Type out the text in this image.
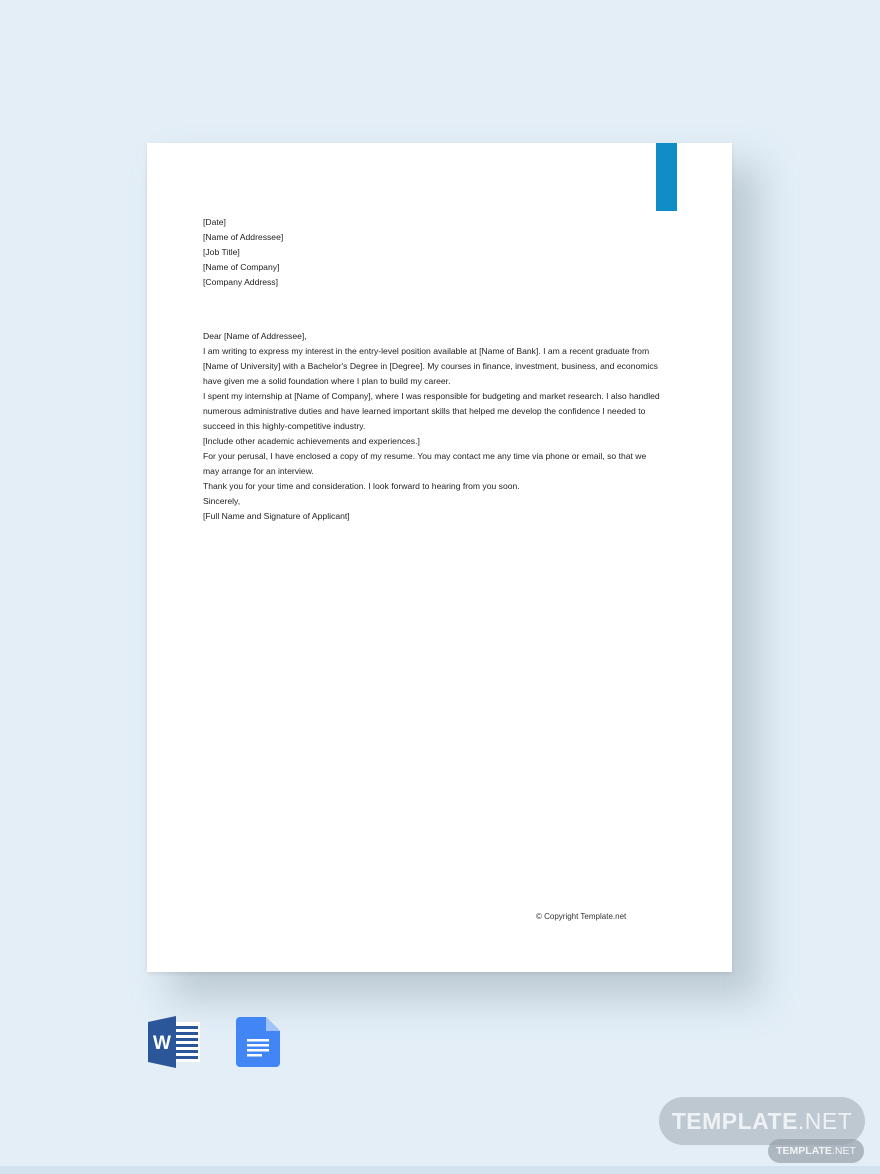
[Date]

[Name of Addressee]

[Job Title]

[Name of Company]

[Company Address]

Dear [Name of Addressee],

I am writing to express my interest in the entry-level position available at [Name of Bank]. I am a recent graduate from [Name of University] with a Bachelor's Degree in [Degree]. My courses in finance, investment, business, and economics have given me a solid foundation where I plan to build my career.

I spent my internship at [Name of Company], where I was responsible for budgeting and market research. I also handled numerous administrative duties and have learned important skills that helped me develop the confidence I needed to succeed in this highly-competitive industry.

[Include other academic achievements and experiences.]

For your perusal, I have enclosed a copy of my resume. You may contact me any time via phone or email, so that we may arrange for an interview.

Thank you for your time and consideration. I look forward to hearing from you soon.

Sincerely,

[Full Name and Signature of Applicant]

© Copyright Template.net
W
TEMPLATE .NET
TEMPLATE .NET
